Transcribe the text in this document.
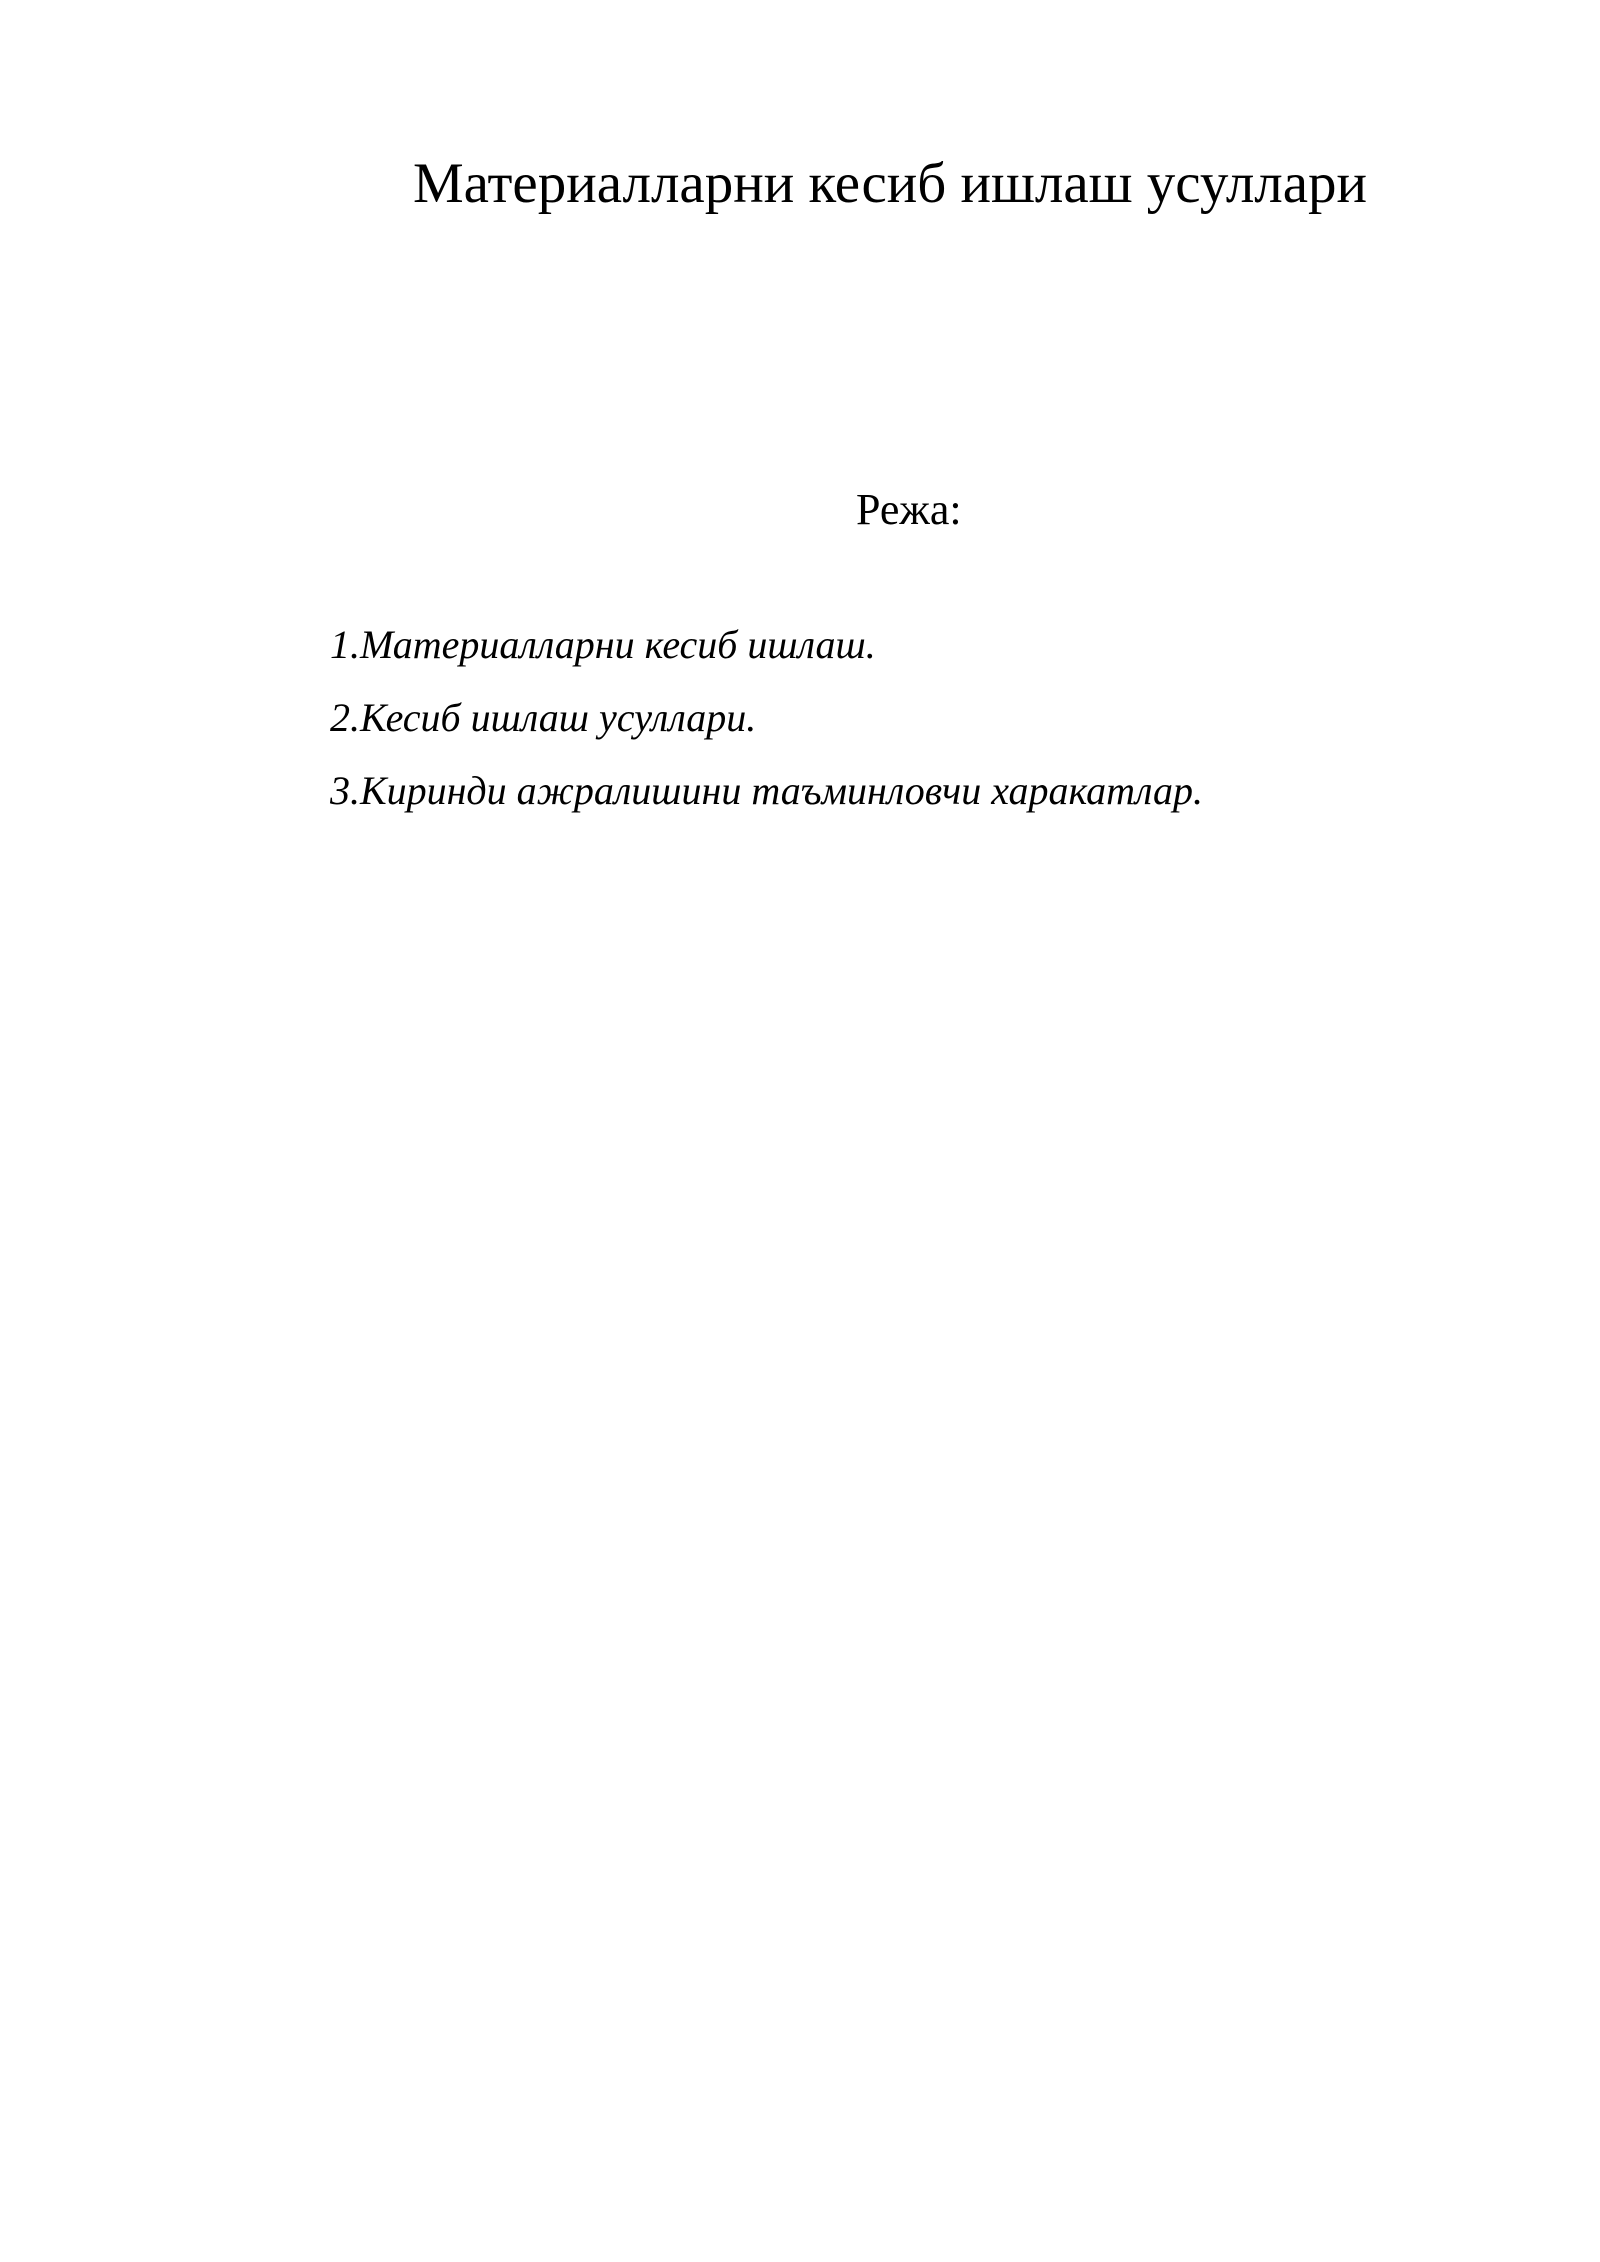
Материалларни кесиб ишлаш усуллари
Режа:
1.Материалларни кесиб ишлаш.
2.Кесиб ишлаш усуллари.
3.Киринди ажралишини таъминловчи харакатлар.
